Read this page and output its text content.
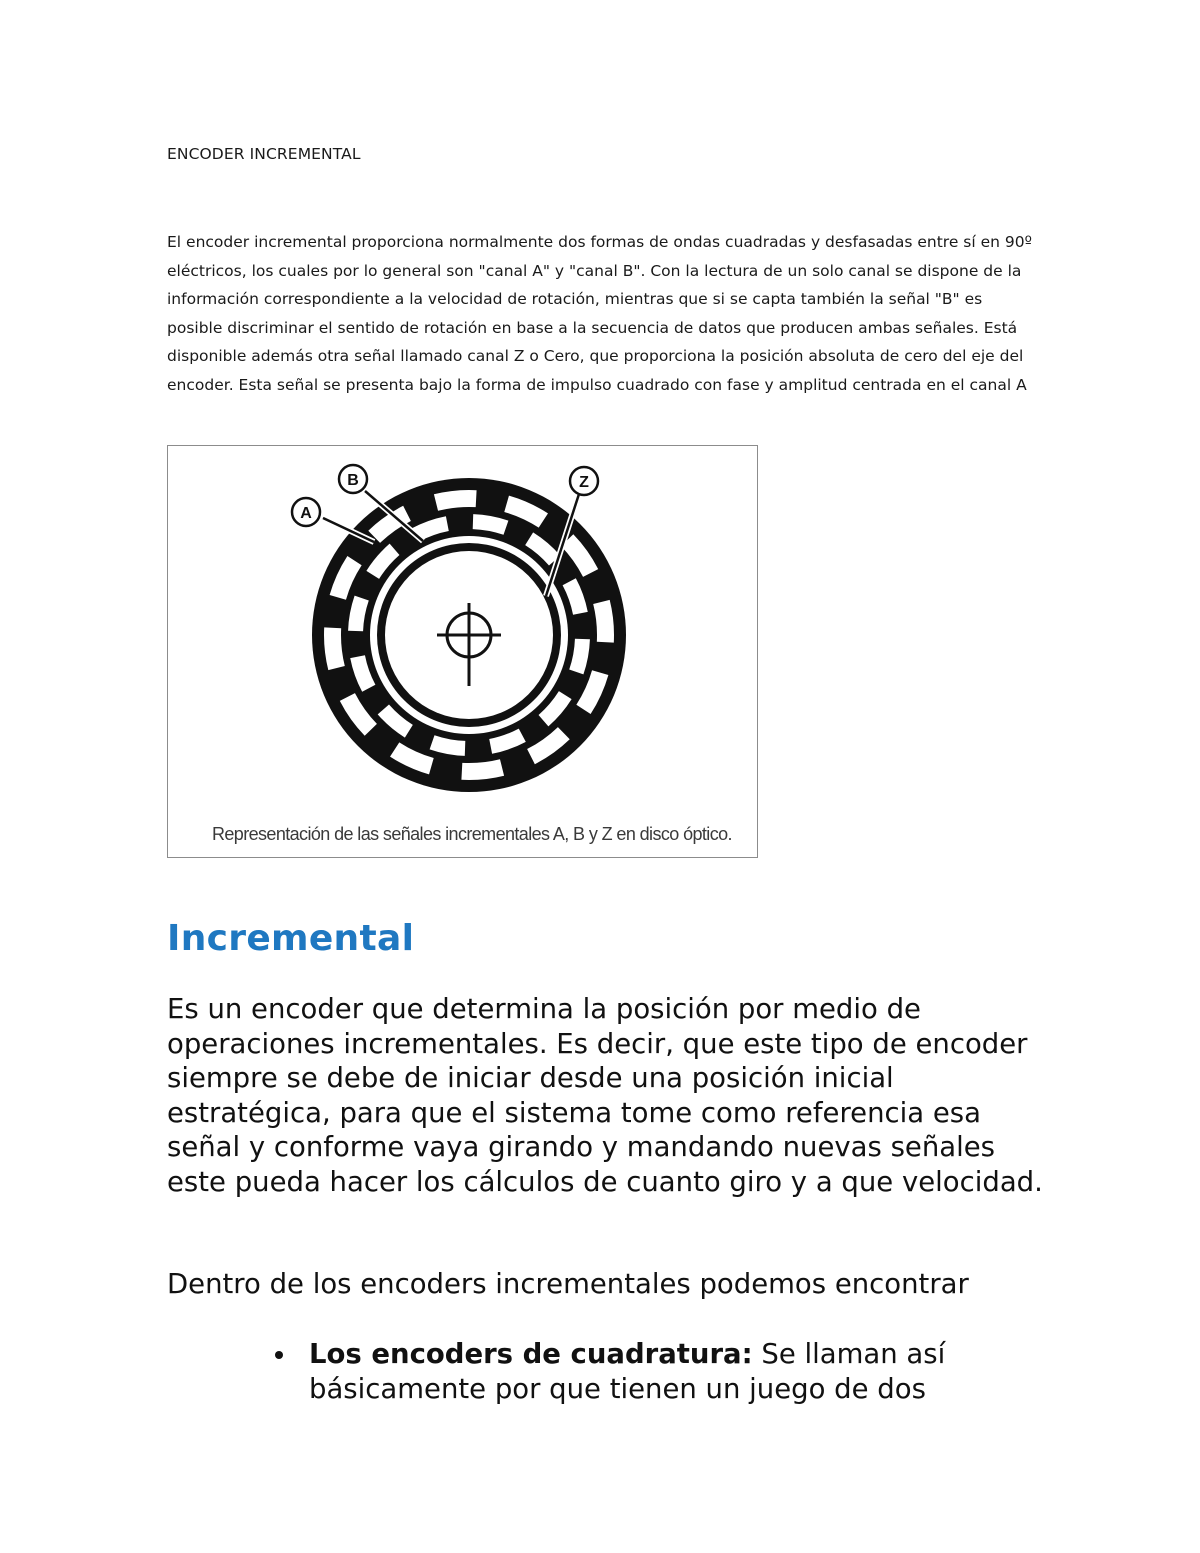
ENCODER INCREMENTAL

El encoder incremental proporciona normalmente dos formas de ondas cuadradas y desfasadas entre sí en 90º eléctricos, los cuales por lo general son "canal A" y "canal B". Con la lectura de un solo canal se dispone de la información correspondiente a la velocidad de rotación, mientras que si se capta también la señal "B" es posible discriminar el sentido de rotación en base a la secuencia de datos que producen ambas señales. Está disponible además otra señal llamado canal Z o Cero, que proporciona la posición absoluta de cero del eje del encoder. Esta señal se presenta bajo la forma de impulso cuadrado con fase y amplitud centrada en el canal A

A
B	Z
Representación de las señales incrementales A, B y Z en disco óptico.
Incremental

Es un encoder que determina la posición por medio de operaciones incrementales. Es decir, que este tipo de encoder siempre se debe de iniciar desde una posición inicial estratégica, para que el sistema tome como referencia esa señal y conforme vaya girando y mandando nuevas señales este pueda hacer los cálculos de cuanto giro y a que velocidad.

Dentro de los encoders incrementales podemos encontrar

Los encoders de cuadratura: Se llaman así básicamente por que tienen un juego de dos
